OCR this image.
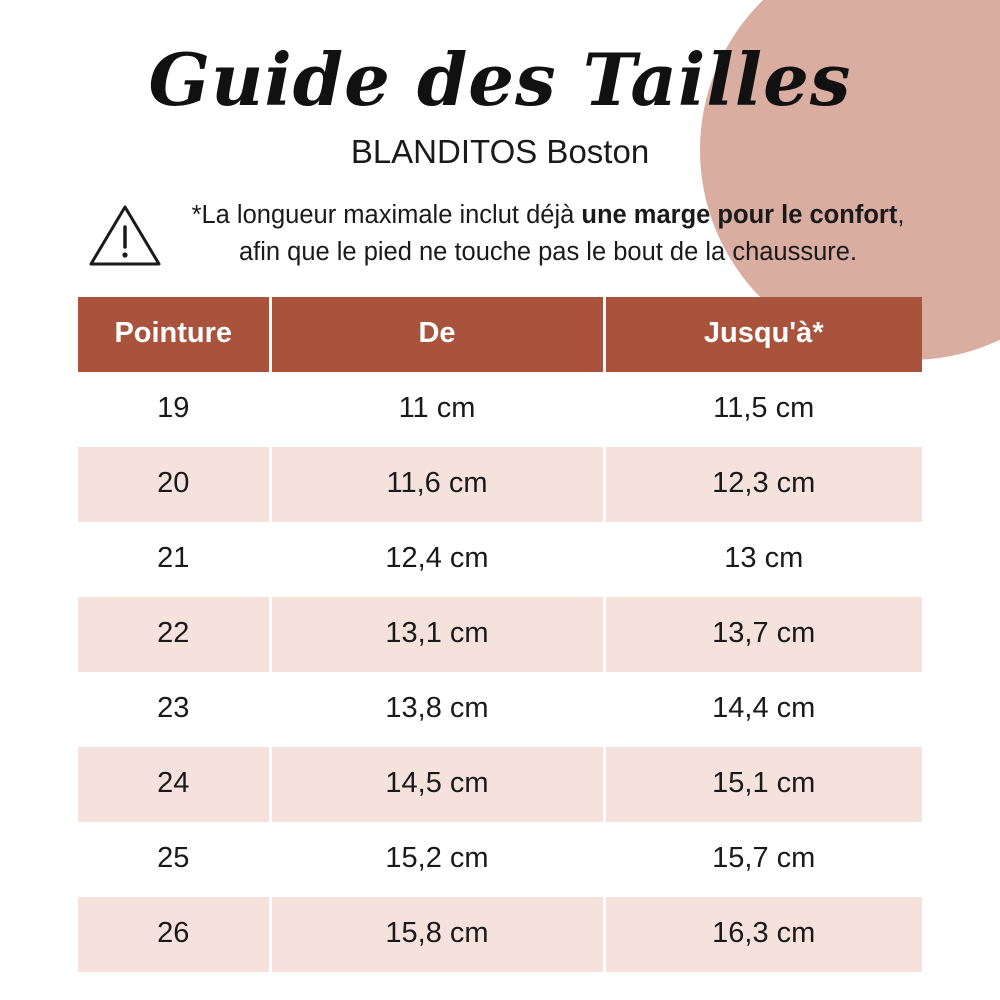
Guide des Tailles
BLANDITOS Boston
*La longueur maximale inclut déjà une marge pour le confort,
afin que le pied ne touche pas le bout de la chaussure.
Pointure	De	Jusqu'à*
19	11 cm	11,5 cm
20	11,6 cm	12,3 cm
21	12,4 cm	13 cm
22	13,1 cm	13,7 cm
23	13,8 cm	14,4 cm
24	14,5 cm	15,1 cm
25	15,2 cm	15,7 cm
26	15,8 cm	16,3 cm
